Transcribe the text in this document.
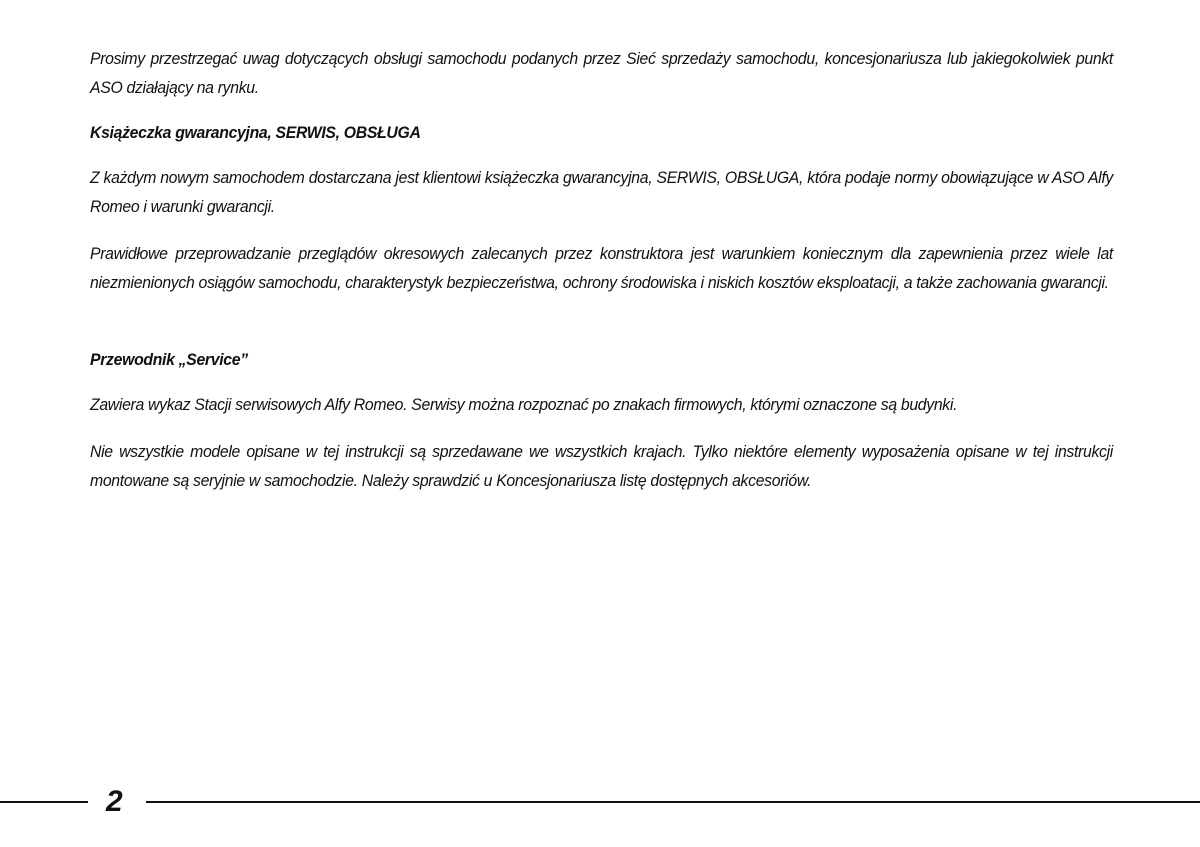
Prosimy przestrzegać uwag dotyczących obsługi samochodu podanych przez Sieć sprzedaży samochodu, koncesjonariusza lub jakiegokolwiek punkt ASO działający na rynku.

Książeczka gwarancyjna, SERWIS, OBSŁUGA

Z każdym nowym samochodem dostarczana jest klientowi książeczka gwarancyjna, SERWIS, OBSŁUGA, która podaje normy obowiązujące w ASO Alfy Romeo i warunki gwarancji.

Prawidłowe przeprowadzanie przeglądów okresowych zalecanych przez konstruktora jest warunkiem koniecznym dla zapewnienia przez wiele lat niezmienionych osiągów samochodu, charakterystyk bezpieczeństwa, ochrony środowiska i niskich kosztów eksploatacji, a także zachowania gwarancji.

Przewodnik „Service”

Zawiera wykaz Stacji serwisowych Alfy Romeo. Serwisy można rozpoznać po znakach firmowych, którymi oznaczone są budynki.

Nie wszystkie modele opisane w tej instrukcji są sprzedawane we wszystkich krajach. Tylko niektóre elementy wyposażenia opisane w tej instrukcji montowane są seryjnie w samochodzie. Należy sprawdzić u Koncesjonariusza listę dostępnych akcesoriów.

2
